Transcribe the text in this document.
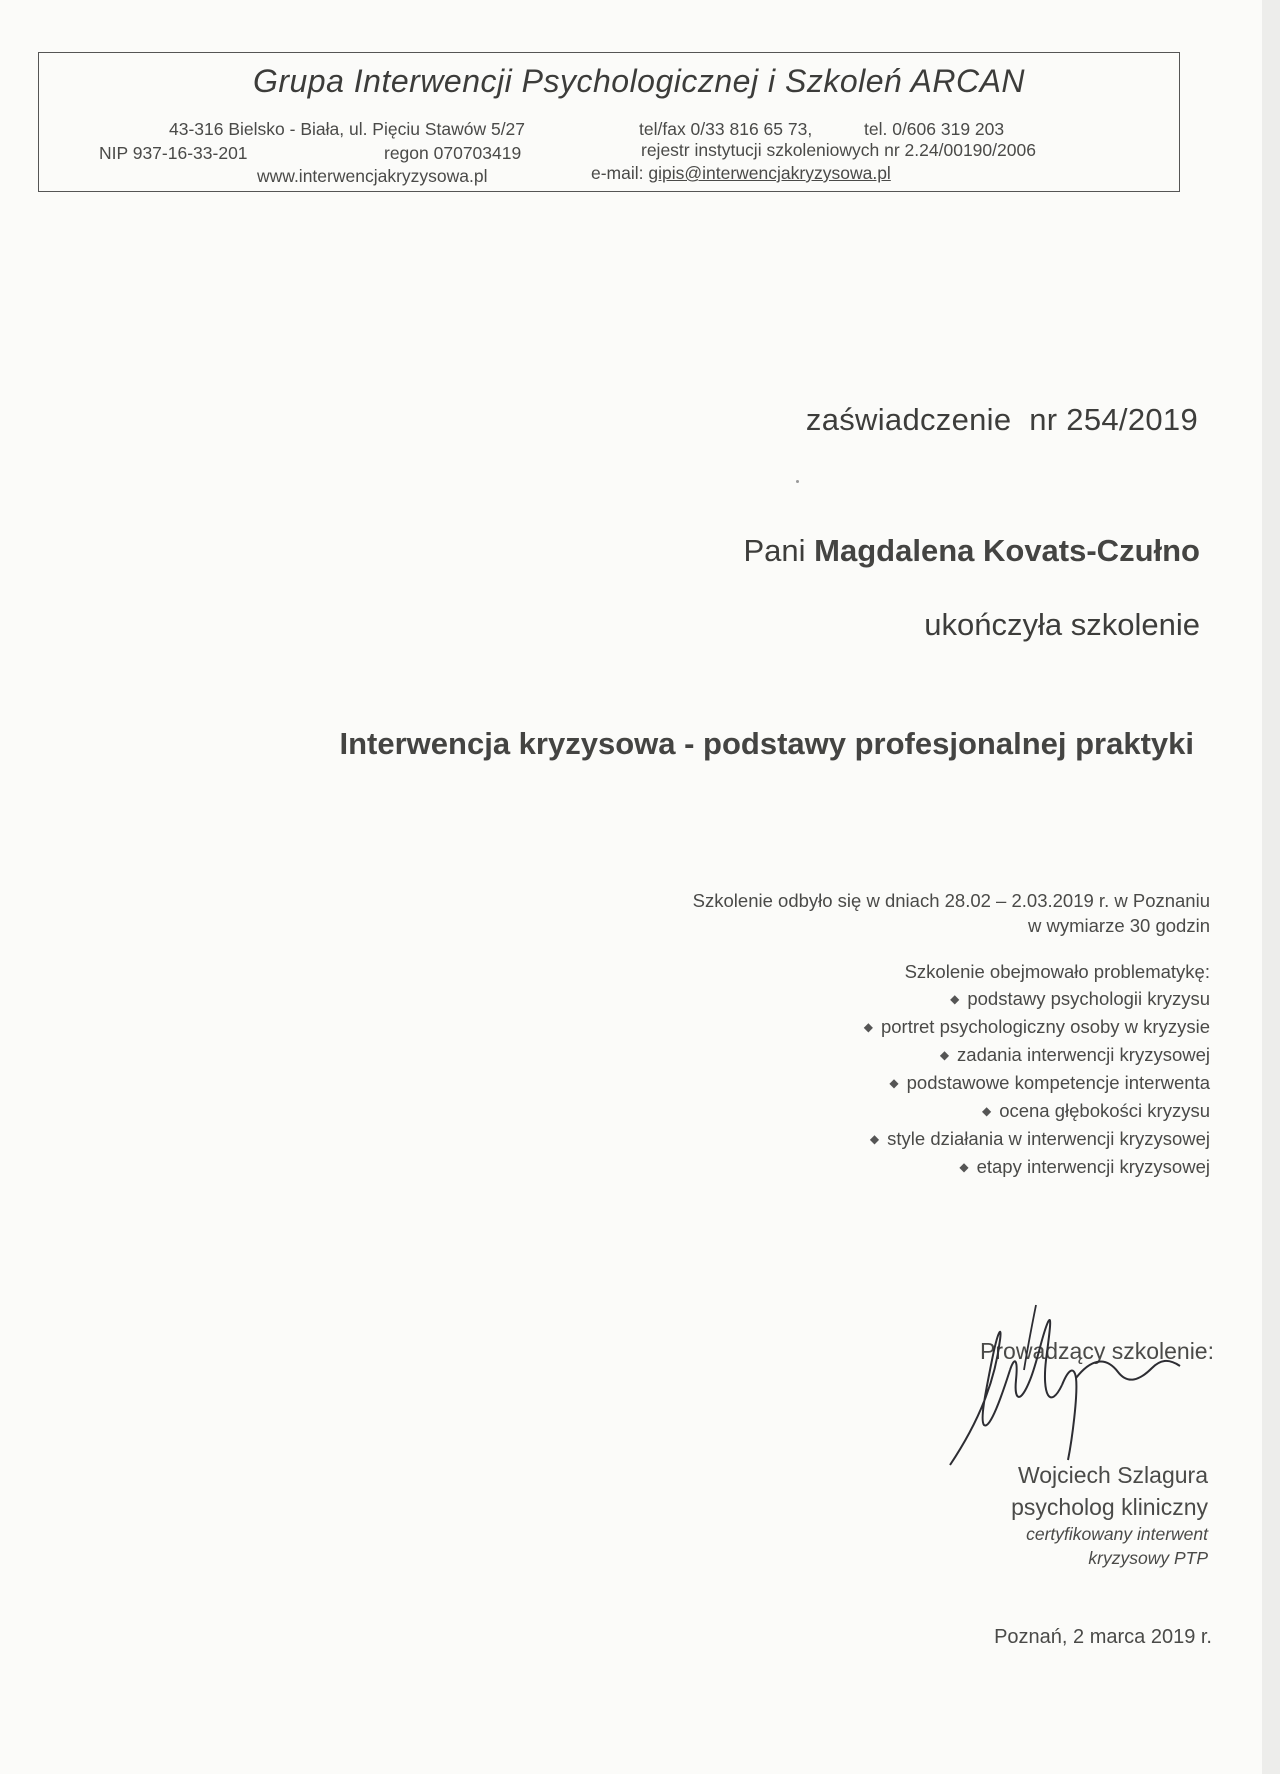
Grupa Interwencji Psychologicznej i Szkoleń ARCAN
43-316 Bielsko - Biała, ul. Pięciu Stawów 5/27	tel/fax 0/33 816 65 73,	tel. 0/606 319 203
NIP 937-16-33-201	regon 070703419	rejestr instytucji szkoleniowych nr 2.24/00190/2006
www.interwencjakryzysowa.pl	e-mail: gipis@interwencjakryzysowa.pl
zaświadczenie  nr 254/2019
Pani Magdalena Kovats-Czułno
ukończyła szkolenie
Interwencja kryzysowa - podstawy profesjonalnej praktyki
Szkolenie odbyło się w dniach 28.02 – 2.03.2019 r. w Poznaniu
w wymiarze 30 godzin
Szkolenie obejmowało problematykę:
◆ podstawy psychologii kryzysu
◆ portret psychologiczny osoby w kryzysie
◆ zadania interwencji kryzysowej
◆ podstawowe kompetencje interwenta
◆ ocena głębokości kryzysu
◆ style działania w interwencji kryzysowej
◆ etapy interwencji kryzysowej
Prowadzący szkolenie:
Wojciech Szlagura
psycholog kliniczny
certyfikowany interwent
kryzysowy PTP
Poznań, 2 marca 2019 r.
